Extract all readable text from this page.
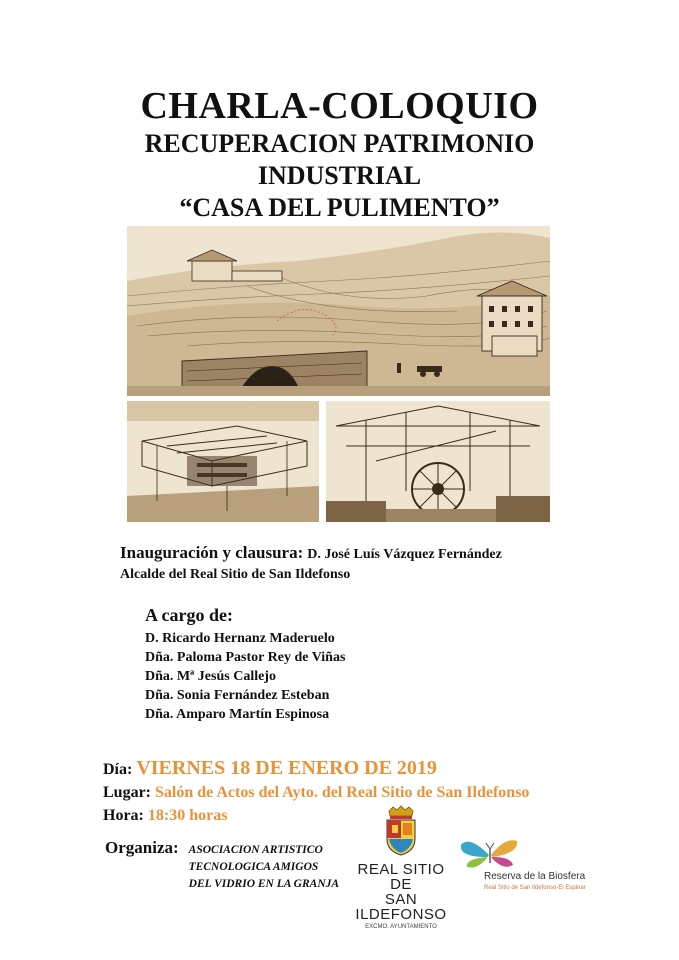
CHARLA-COLOQUIO
RECUPERACION PATRIMONIO
INDUSTRIAL
“CASA DEL PULIMENTO”
Inauguración y clausura: D. José Luís Vázquez Fernández
Alcalde del Real Sitio de San Ildefonso
A cargo de:
D. Ricardo Hernanz Maderuelo
Dña. Paloma Pastor Rey de Viñas
Dña. Mª Jesús Callejo
Dña. Sonia Fernández Esteban
Dña. Amparo Martín Espinosa
Día: VIERNES 18 DE ENERO DE 2019
Lugar: Salón de Actos del Ayto. del Real Sitio de San Ildefonso
Hora: 18:30 horas
Organiza: ASOCIACION ARTISTICO
TECNOLOGICA AMIGOS
DEL VIDRIO EN LA GRANJA
REAL SITIO DE
SAN ILDEFONSO
EXCMO. AYUNTAMIENTO
Reserva de la Biosfera
Real Sitio de San Ildefonso-El Espinar
